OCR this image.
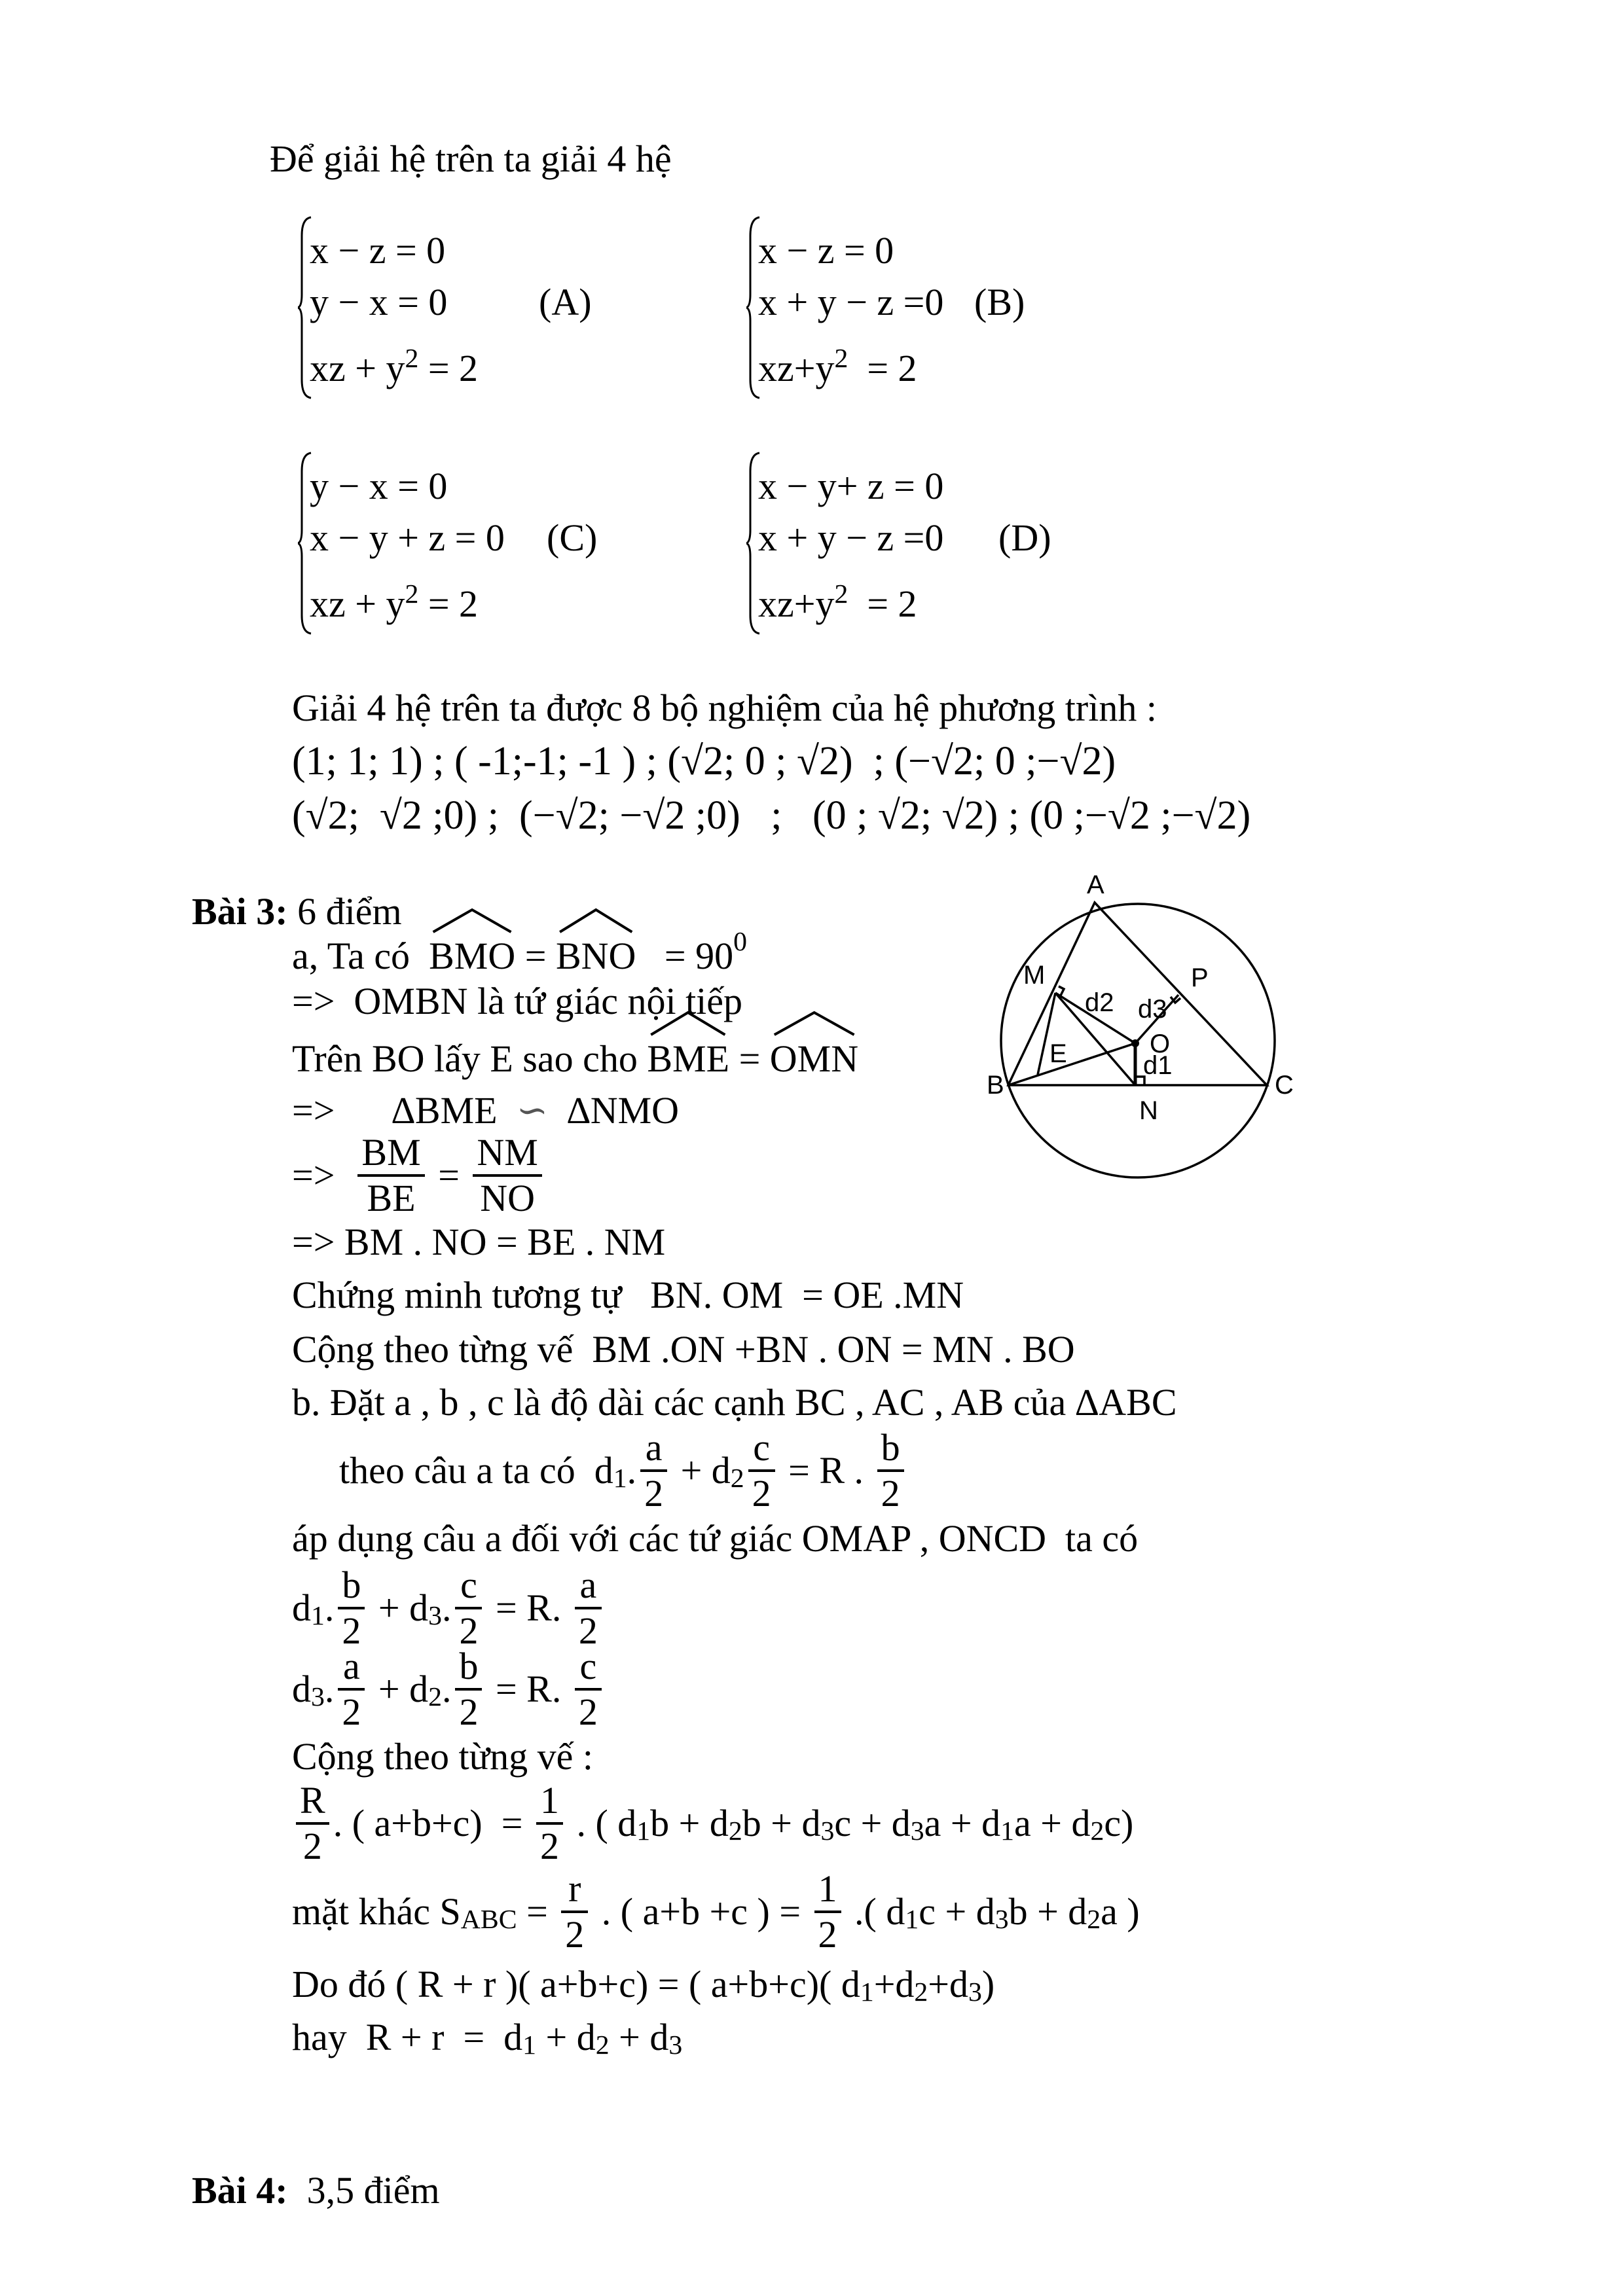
Để giải hệ trên ta giải 4 hệ
x − z = 0
y − x = 0
xz + $y^2 = 2$
(A)
x − z = 0
x + y − z =0
$xz+y^2 = 2$
(B)
y − x = 0
x − y + z = 0
xz + $y^2 = 2$
(C)
x − y+ z = 0
x + y − z =0
$xz+y^2 = 2$
(D)
Giải 4 hệ trên ta được 8 bộ nghiệm của hệ phương trình :
(1; 1; 1) ; ( -1;-1; -1 ) ; (√2; 0 ; √2)  ; (−√2; 0 ;−√2)
(√2;  √2 ;0) ;  (−√2; −√2 ;0)   ;   (0 ; √2; √2) ; (0 ;−√2 ;−√2)
Bài 3: 6 điểm
a, Ta có BMO = BNO = $90^0$
=>  OMBN là tứ giác nội tiếp
Trên BO lấy E sao cho BME = OMN
=> ∆BME ∽ ∆NMO
=> $\frac{BM}{BE} = \frac{NM}{NO}$
=> BM . NO = BE . NM
Chứng minh tương tự   BN. OM  = OE .MN
Cộng theo từng vế  BM .ON +BN . ON = MN . BO
b. Đặt a , b , c là độ dài các cạnh BC , AC , AB của ∆ABC
theo câu a ta có  $d_1$ . $\frac{a}{2} + d_2 \frac{c}{2} = R$ . $\frac{b}{2}$
áp dụng câu a đối với các tứ giác OMAP , ONCD  ta có
$d_1$ . $\frac{b}{2} + d_3$ . $\frac{c}{2} = R$. $\frac{a}{2}$
$d_3$ . $\frac{a}{2} + d_2$ . $\frac{b}{2} = R$. $\frac{c}{2}$
Cộng theo từng vế :
$\frac{R}{2}$ . ( $a+b+c) = \frac{1}{2}$ . ( $d_1$ $b + d_2$ $b + d_3$ $c + d_3$ $a + d_1$ $a + d_2$ c)
mặt khác $S_{ABC} = \frac{r}{2}$ . ( a+b +c ) = $\frac{1}{2}$ .( $d_1$ $c + d_3$ $b + d_2$ a )
Do đó ( R + r )( a+b+c) = ( a+b+c)( $d_1 +d_2 +d_3$ )
hay  $R + r = d_1 + d_2 + d_3$
Bài 4: 3,5 điểm
A
M	P
d2 d3
O
E	d1
B	C
N
